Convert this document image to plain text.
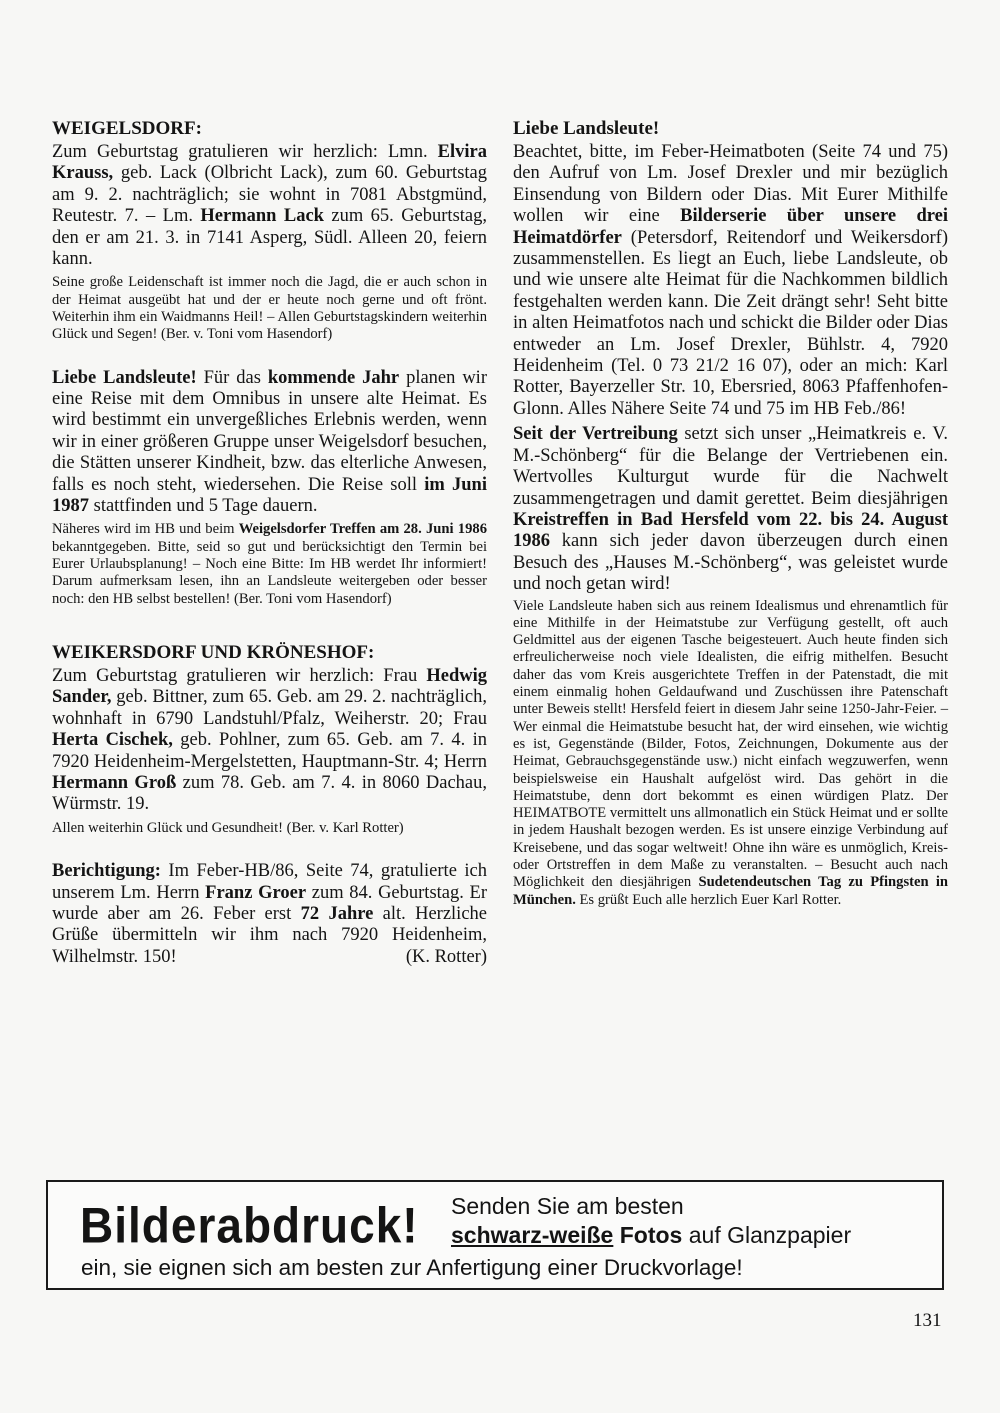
WEIGELSDORF:

Zum Geburtstag gratulieren wir herzlich: Lmn. Elvira Krauss, geb. Lack (Olbricht Lack), zum 60. Geburtstag am 9. 2. nachträglich; sie wohnt in 7081 Abstgmünd, Reutestr. 7. – Lm. Hermann Lack zum 65. Geburtstag, den er am 21. 3. in 7141 Asperg, Südl. Alleen 20, feiern kann.

Seine große Leidenschaft ist immer noch die Jagd, die er auch schon in der Heimat ausgeübt hat und der er heute noch gerne und oft frönt. Weiterhin ihm ein Waidmanns Heil! – Allen Geburtstagskindern weiterhin Glück und Segen! (Ber. v. Toni vom Hasendorf)

Liebe Landsleute! Für das kommende Jahr planen wir eine Reise mit dem Omnibus in unsere alte Heimat. Es wird bestimmt ein unvergeßliches Erlebnis werden, wenn wir in einer größeren Gruppe unser Weigelsdorf besuchen, die Stätten unserer Kindheit, bzw. das elterliche Anwesen, falls es noch steht, wiedersehen. Die Reise soll im Juni 1987 stattfinden und 5 Tage dauern.

Näheres wird im HB und beim Weigelsdorfer Treffen am 28. Juni 1986 bekanntgegeben. Bitte, seid so gut und berücksichtigt den Termin bei Eurer Urlaubsplanung! – Noch eine Bitte: Im HB werdet Ihr informiert! Darum aufmerksam lesen, ihn an Landsleute weitergeben oder besser noch: den HB selbst bestellen! (Ber. Toni vom Hasendorf)

WEIKERSDORF UND KRÖNESHOF:

Zum Geburtstag gratulieren wir herzlich: Frau Hedwig Sander, geb. Bittner, zum 65. Geb. am 29. 2. nachträglich, wohnhaft in 6790 Landstuhl/Pfalz, Weiherstr. 20; Frau Herta Cischek, geb. Pohlner, zum 65. Geb. am 7. 4. in 7920 Heidenheim-Mergelstetten, Hauptmann-Str. 4; Herrn Hermann Groß zum 78. Geb. am 7. 4. in 8060 Dachau, Würmstr. 19.

Allen weiterhin Glück und Gesundheit! (Ber. v. Karl Rotter)

Berichtigung: Im Feber-HB/86, Seite 74, gratulierte ich unserem Lm. Herrn Franz Groer zum 84. Geburtstag. Er wurde aber am 26. Feber erst 72 Jahre alt. Herzliche Grüße übermitteln wir ihm nach 7920 Heidenheim, Wilhelmstr. 150!	(K. Rotter)

Liebe Landsleute!

Beachtet, bitte, im Feber-Heimatboten (Seite 74 und 75) den Aufruf von Lm. Josef Drexler und mir bezüglich Einsendung von Bildern oder Dias. Mit Eurer Mithilfe wollen wir eine Bilderserie über unsere drei Heimatdörfer (Petersdorf, Reitendorf und Weikersdorf) zusammenstellen. Es liegt an Euch, liebe Landsleute, ob und wie unsere alte Heimat für die Nachkommen bildlich festgehalten werden kann. Die Zeit drängt sehr! Seht bitte in alten Heimatfotos nach und schickt die Bilder oder Dias entweder an Lm. Josef Drexler, Bühlstr. 4, 7920 Heidenheim (Tel. 0 73 21/2 16 07), oder an mich: Karl Rotter, Bayerzeller Str. 10, Ebersried, 8063 Pfaffenhofen-Glonn. Alles Nähere Seite 74 und 75 im HB Feb./86!

Seit der Vertreibung setzt sich unser „Heimatkreis e. V. M.-Schönberg“ für die Belange der Vertriebenen ein. Wertvolles Kulturgut wurde für die Nachwelt zusammengetragen und damit gerettet. Beim diesjährigen Kreistreffen in Bad Hersfeld vom 22. bis 24. August 1986 kann sich jeder davon überzeugen durch einen Besuch des „Hauses M.-Schönberg“, was geleistet wurde und noch getan wird!

Viele Landsleute haben sich aus reinem Idealismus und ehrenamtlich für eine Mithilfe in der Heimatstube zur Verfügung gestellt, oft auch Geldmittel aus der eigenen Tasche beigesteuert. Auch heute finden sich erfreulicherweise noch viele Idealisten, die eifrig mithelfen. Besucht daher das vom Kreis ausgerichtete Treffen in der Patenstadt, die mit einem einmalig hohen Geldaufwand und Zuschüssen ihre Patenschaft unter Beweis stellt! Hersfeld feiert in diesem Jahr seine 1250-Jahr-Feier. – Wer einmal die Heimatstube besucht hat, der wird einsehen, wie wichtig es ist, Gegenstände (Bilder, Fotos, Zeichnungen, Dokumente aus der Heimat, Gebrauchsgegenstände usw.) nicht einfach wegzuwerfen, wenn beispielsweise ein Haushalt aufgelöst wird. Das gehört in die Heimatstube, denn dort bekommt es einen würdigen Platz. Der HEIMATBOTE vermittelt uns allmonatlich ein Stück Heimat und er sollte in jedem Haushalt bezogen werden. Es ist unsere einzige Verbindung auf Kreisebene, und das sogar weltweit! Ohne ihn wäre es unmöglich, Kreis- oder Ortstreffen in dem Maße zu veranstalten. – Besucht auch nach Möglichkeit den diesjährigen Sudetendeutschen Tag zu Pfingsten in München. Es grüßt Euch alle herzlich Euer Karl Rotter.

Bilderabdruck! Senden Sie am besten

schwarz-weiße Fotos auf Glanzpapier

ein, sie eignen sich am besten zur Anfertigung einer Druckvorlage!

131
